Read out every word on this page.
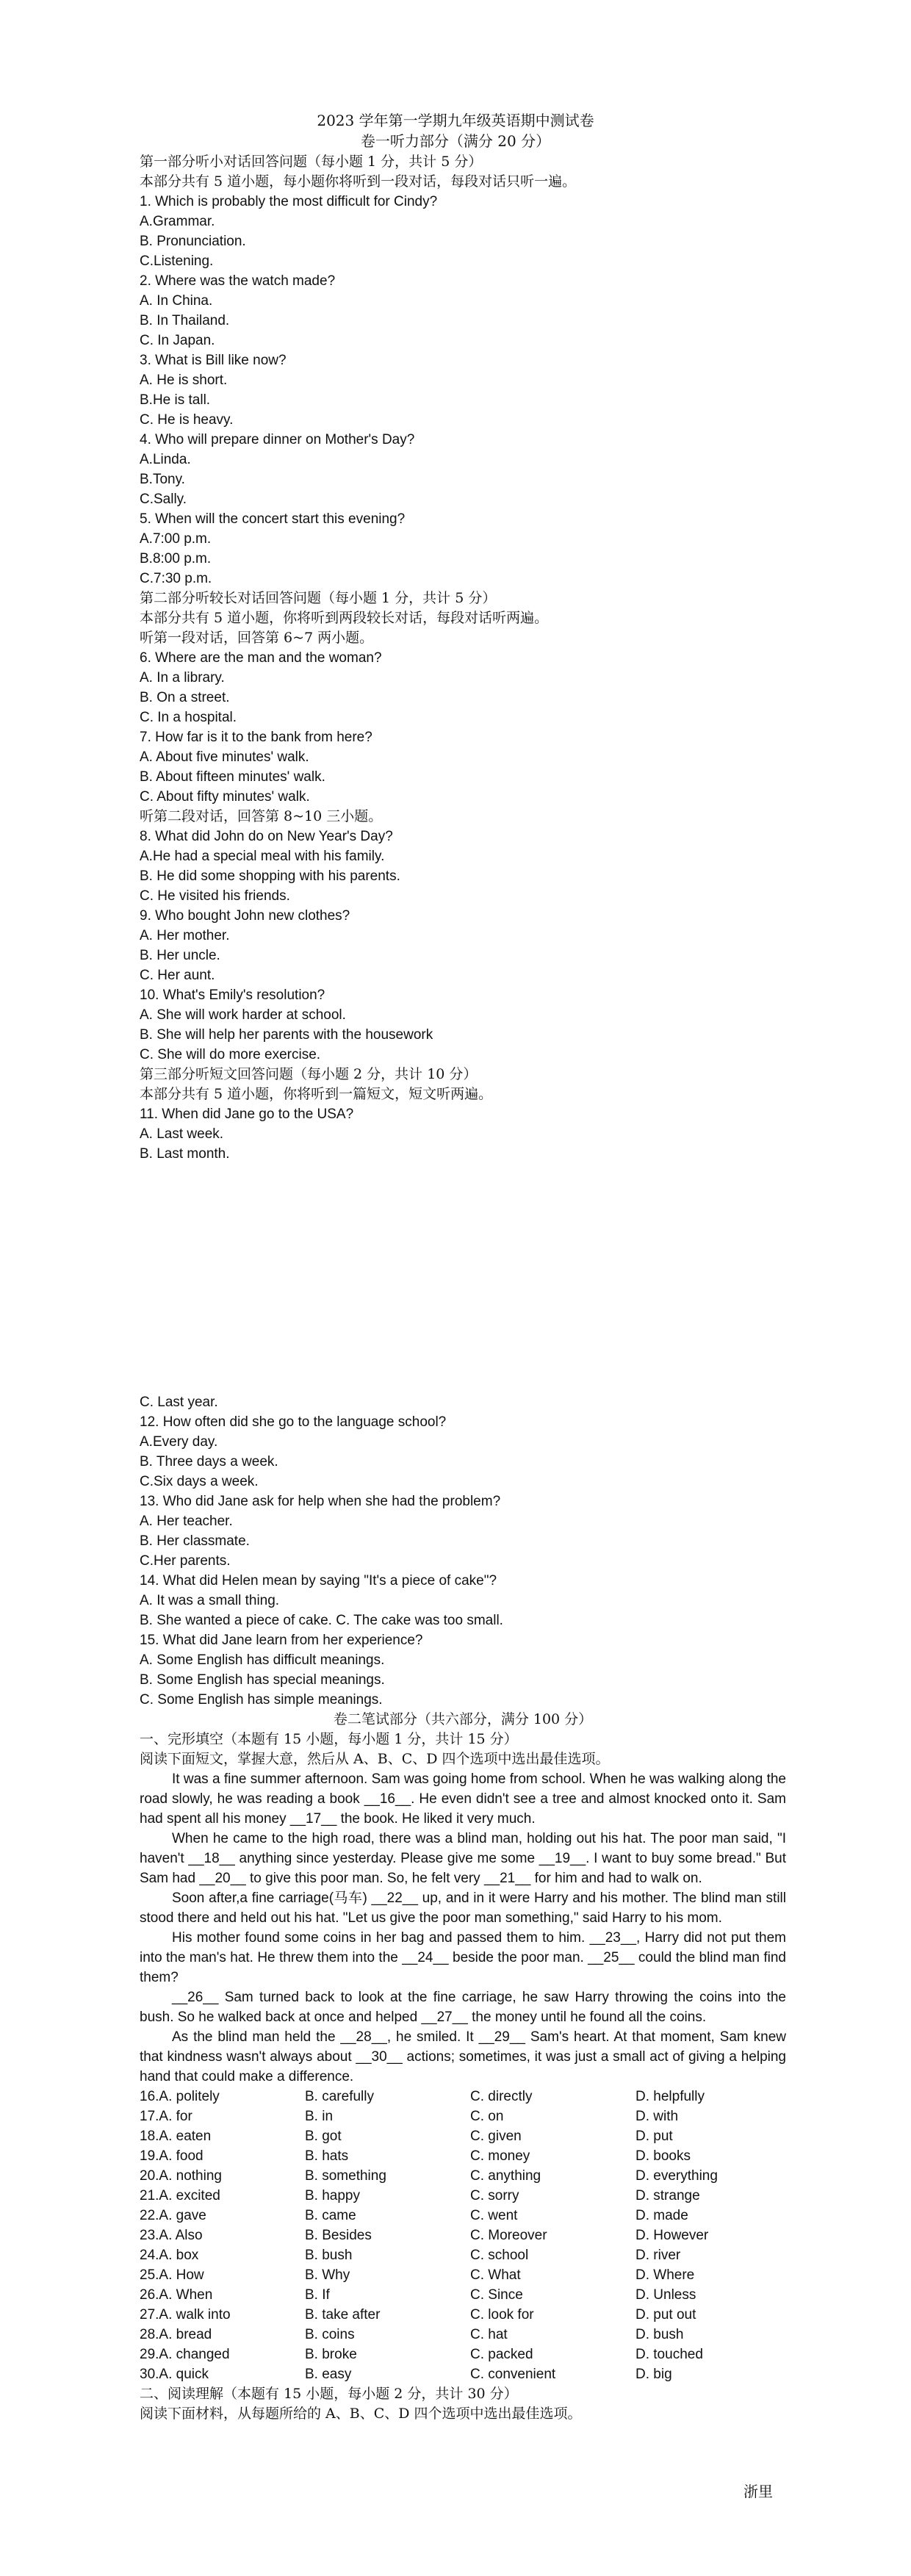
2023 学年第一学期九年级英语期中测试卷
卷一听力部分（满分 20 分）
第一部分听小对话回答问题（每小题 1 分，共计 5 分）
本部分共有 5 道小题，每小题你将听到一段对话，每段对话只听一遍。
1. Which is probably the most difficult for Cindy?
A.Grammar.
B. Pronunciation.
C.Listening.
2. Where was the watch made?
A. In China.
B. In Thailand.
C. In Japan.
3. What is Bill like now?
A. He is short.
B.He is tall.
C. He is heavy.
4. Who will prepare dinner on Mother's Day?
A.Linda.
B.Tony.
C.Sally.
5. When will the concert start this evening?
A.7:00 p.m.
B.8:00 p.m.
C.7:30 p.m.
第二部分听较长对话回答问题（每小题 1 分，共计 5 分）
本部分共有 5 道小题，你将听到两段较长对话，每段对话听两遍。
听第一段对话，回答第 6~7 两小题。
6. Where are the man and the woman?
A. In a library.
B. On a street.
C. In a hospital.
7. How far is it to the bank from here?
A. About five minutes' walk.
B. About fifteen minutes' walk.
C. About fifty minutes' walk.
听第二段对话，回答第 8~10 三小题。
8. What did John do on New Year's Day?
A.He had a special meal with his family.
B. He did some shopping with his parents.
C. He visited his friends.
9. Who bought John new clothes?
A. Her mother.
B. Her uncle.
C. Her aunt.
10. What's Emily's resolution?
A. She will work harder at school.
B. She will help her parents with the housework
C. She will do more exercise.
第三部分听短文回答问题（每小题 2 分，共计 10 分）
本部分共有 5 道小题，你将听到一篇短文，短文听两遍。
11. When did Jane go to the USA?
A. Last week.
B. Last month.
C. Last year.
12. How often did she go to the language school?
A.Every day.
B. Three days a week.
C.Six days a week.
13. Who did Jane ask for help when she had the problem?
A. Her teacher.
B. Her classmate.
C.Her parents.
14. What did Helen mean by saying "It's a piece of cake"?
A. It was a small thing.
B. She wanted a piece of cake. C. The cake was too small.
15. What did Jane learn from her experience?
A. Some English has difficult meanings.
B. Some English has special meanings.
C. Some English has simple meanings.
卷二笔试部分（共六部分，满分 100 分）
一、完形填空（本题有 15 小题，每小题 1 分，共计 15 分）
阅读下面短文，掌握大意，然后从 A、B、C、D 四个选项中选出最佳选项。
It was a fine summer afternoon. Sam was going home from school. When he was walking along the road slowly, he was reading a book __16__. He even didn't see a tree and almost knocked onto it. Sam had spent all his money __17__ the book. He liked it very much.
When he came to the high road, there was a blind man, holding out his hat. The poor man said, "I haven't __18__ anything since yesterday. Please give me some __19__. I want to buy some bread." But Sam had __20__ to give this poor man. So, he felt very __21__ for him and had to walk on.
Soon after,a fine carriage(马车) __22__ up, and in it were Harry and his mother. The blind man still stood there and held out his hat. "Let us give the poor man something," said Harry to his mom.
His mother found some coins in her bag and passed them to him. __23__, Harry did not put them into the man's hat. He threw them into the __24__ beside the poor man. __25__ could the blind man find them?
__26__ Sam turned back to look at the fine carriage, he saw Harry throwing the coins into the bush. So he walked back at once and helped __27__ the money until he found all the coins.
As the blind man held the __28__, he smiled. It __29__ Sam's heart. At that moment, Sam knew that kindness wasn't always about __30__ actions; sometimes, it was just a small act of giving a helping hand that could make a difference.
16.A. politely	B. carefully	C. directly	D. helpfully
17.A. for	B. in	C. on	D. with
18.A. eaten	B. got	C. given	D. put
19.A. food	B. hats	C. money	D. books
20.A. nothing	B. something	C. anything	D. everything
21.A. excited	B. happy	C. sorry	D. strange
22.A. gave	B. came	C. went	D. made
23.A. Also	B. Besides	C. Moreover	D. However
24.A. box	B. bush	C. school	D. river
25.A. How	B. Why	C. What	D. Where
26.A. When	B. If	C. Since	D. Unless
27.A. walk into	B. take after	C. look for	D. put out
28.A. bread	B. coins	C. hat	D. bush
29.A. changed	B. broke	C. packed	D. touched
30.A. quick	B. easy	C. convenient	D. big
二、阅读理解（本题有 15 小题，每小题 2 分，共计 30 分）
阅读下面材料，从每题所给的 A、B、C、D 四个选项中选出最佳选项。
浙里
